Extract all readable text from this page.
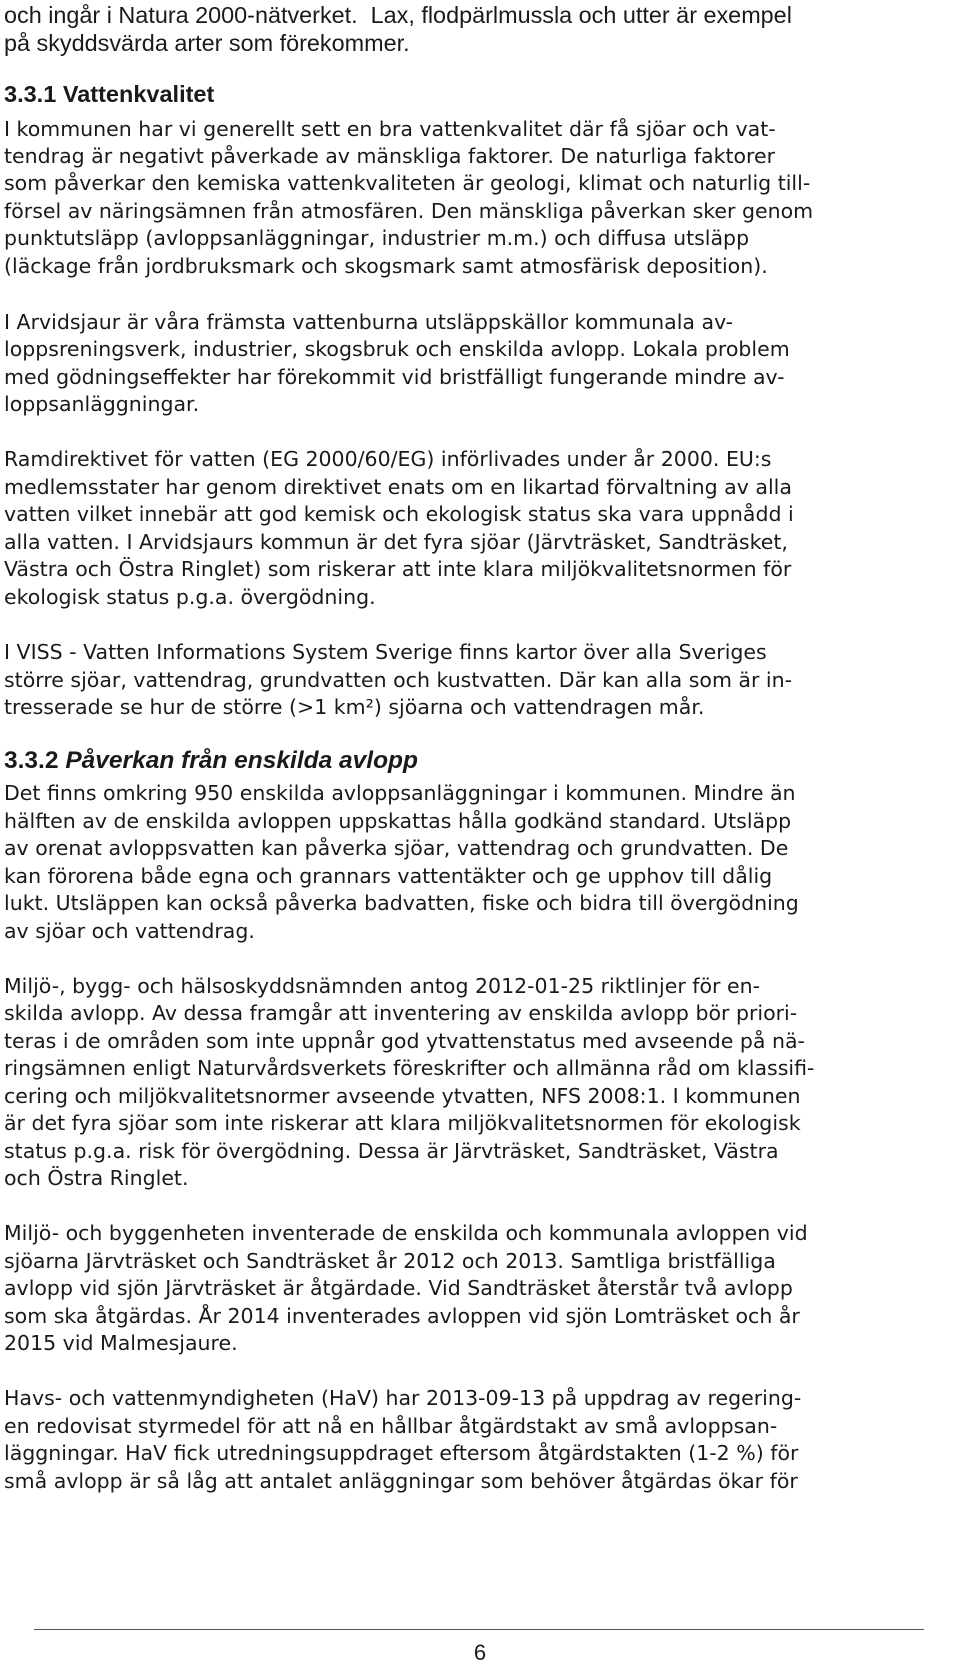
och ingår i Natura 2000-nätverket.  Lax, flodpärlmussla och utter är exempel
på skyddsvärda arter som förekommer.
3.3.1 Vattenkvalitet
I kommunen har vi generellt sett en bra vattenkvalitet där få sjöar och vat-
tendrag är negativt påverkade av mänskliga faktorer. De naturliga faktorer
som påverkar den kemiska vattenkvaliteten är geologi, klimat och naturlig till-
försel av näringsämnen från atmosfären. Den mänskliga påverkan sker genom
punktutsläpp (avloppsanläggningar, industrier m.m.) och diffusa utsläpp
(läckage från jordbruksmark och skogsmark samt atmosfärisk deposition).
I Arvidsjaur är våra främsta vattenburna utsläppskällor kommunala av-
loppsreningsverk, industrier, skogsbruk och enskilda avlopp. Lokala problem
med gödningseffekter har förekommit vid bristfälligt fungerande mindre av-
loppsanläggningar.
Ramdirektivet för vatten (EG 2000/60/EG) införlivades under år 2000. EU:s
medlemsstater har genom direktivet enats om en likartad förvaltning av alla
vatten vilket innebär att god kemisk och ekologisk status ska vara uppnådd i
alla vatten. I Arvidsjaurs kommun är det fyra sjöar (Järvträsket, Sandträsket,
Västra och Östra Ringlet) som riskerar att inte klara miljökvalitetsnormen för
ekologisk status p.g.a. övergödning.
I VISS - Vatten Informations System Sverige finns kartor över alla Sveriges
större sjöar, vattendrag, grundvatten och kustvatten. Där kan alla som är in-
tresserade se hur de större (>1 km²) sjöarna och vattendragen mår.
3.3.2 Påverkan från enskilda avlopp
Det finns omkring 950 enskilda avloppsanläggningar i kommunen. Mindre än
hälften av de enskilda avloppen uppskattas hålla godkänd standard. Utsläpp
av orenat avloppsvatten kan påverka sjöar, vattendrag och grundvatten. De
kan förorena både egna och grannars vattentäkter och ge upphov till dålig
lukt. Utsläppen kan också påverka badvatten, fiske och bidra till övergödning
av sjöar och vattendrag.
Miljö-, bygg- och hälsoskyddsnämnden antog 2012-01-25 riktlinjer för en-
skilda avlopp. Av dessa framgår att inventering av enskilda avlopp bör priori-
teras i de områden som inte uppnår god ytvattenstatus med avseende på nä-
ringsämnen enligt Naturvårdsverkets föreskrifter och allmänna råd om klassifi-
cering och miljökvalitetsnormer avseende ytvatten, NFS 2008:1. I kommunen
är det fyra sjöar som inte riskerar att klara miljökvalitetsnormen för ekologisk
status p.g.a. risk för övergödning. Dessa är Järvträsket, Sandträsket, Västra
och Östra Ringlet.
Miljö- och byggenheten inventerade de enskilda och kommunala avloppen vid
sjöarna Järvträsket och Sandträsket år 2012 och 2013. Samtliga bristfälliga
avlopp vid sjön Järvträsket är åtgärdade. Vid Sandträsket återstår två avlopp
som ska åtgärdas. År 2014 inventerades avloppen vid sjön Lomträsket och år
2015 vid Malmesjaure.
Havs- och vattenmyndigheten (HaV) har 2013-09-13 på uppdrag av regering-
en redovisat styrmedel för att nå en hållbar åtgärdstakt av små avloppsan-
läggningar. HaV fick utredningsuppdraget eftersom åtgärdstakten (1-2 %) för
små avlopp är så låg att antalet anläggningar som behöver åtgärdas ökar för
6
